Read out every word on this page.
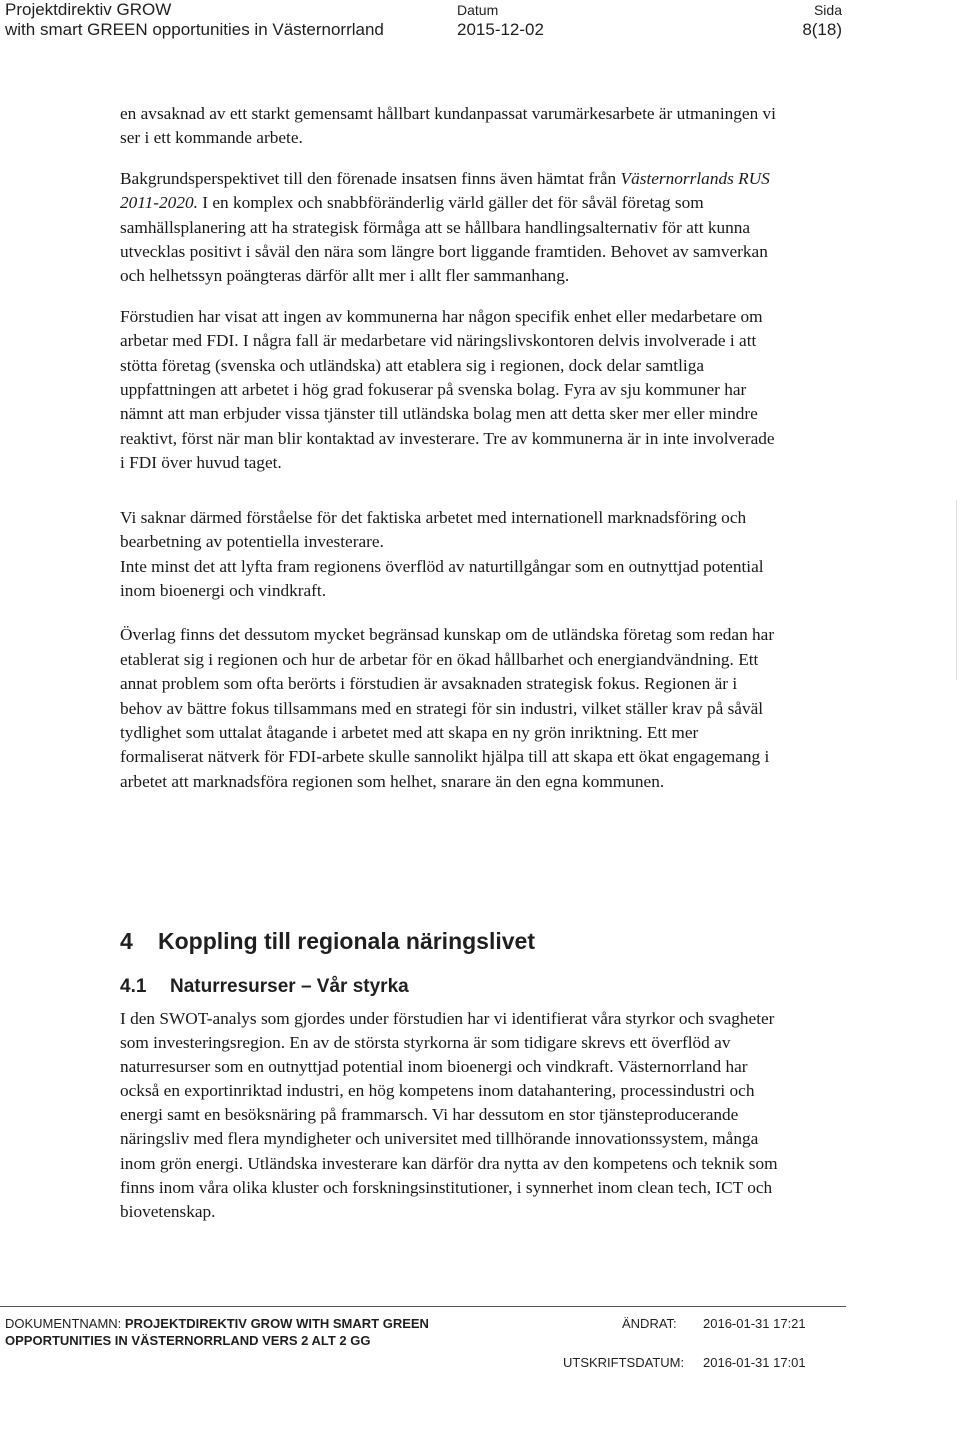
Projektdirektiv GROW
with smart GREEN opportunities in Västernorrland
Datum
2015-12-02
Sida
8(18)

en avsaknad av ett starkt gemensamt hållbart kundanpassat varumärkesarbete är utmaningen vi ser i ett kommande arbete.

Bakgrundsperspektivet till den förenade insatsen finns även hämtat från Västernorrlands RUS 2011-2020. I en komplex och snabbföränderlig värld gäller det för såväl företag som samhällsplanering att ha strategisk förmåga att se hållbara handlingsalternativ för att kunna utvecklas positivt i såväl den nära som längre bort liggande framtiden. Behovet av samverkan och helhetssyn poängteras därför allt mer i allt fler sammanhang.

Förstudien har visat att ingen av kommunerna har någon specifik enhet eller medarbetare om arbetar med FDI. I några fall är medarbetare vid näringslivskontoren delvis involverade i att stötta företag (svenska och utländska) att etablera sig i regionen, dock delar samtliga uppfattningen att arbetet i hög grad fokuserar på svenska bolag. Fyra av sju kommuner har nämnt att man erbjuder vissa tjänster till utländska bolag men att detta sker mer eller mindre reaktivt, först när man blir kontaktad av investerare. Tre av kommunerna är in inte involverade i FDI över huvud taget.

Vi saknar därmed förståelse för det faktiska arbetet med internationell marknadsföring och bearbetning av potentiella investerare.

Inte minst det att lyfta fram regionens överflöd av naturtillgångar som en outnyttjad potential inom bioenergi och vindkraft.

Överlag finns det dessutom mycket begränsad kunskap om de utländska företag som redan har etablerat sig i regionen och hur de arbetar för en ökad hållbarhet och energiandvändning. Ett annat problem som ofta berörts i förstudien är avsaknaden strategisk fokus. Regionen är i behov av bättre fokus tillsammans med en strategi för sin industri, vilket ställer krav på såväl tydlighet som uttalat åtagande i arbetet med att skapa en ny grön inriktning. Ett mer formaliserat nätverk för FDI-arbete skulle sannolikt hjälpa till att skapa ett ökat engagemang i arbetet att marknadsföra regionen som helhet, snarare än den egna kommunen.

4 Koppling till regionala näringslivet
4.1 Naturresurser – Vår styrka

I den SWOT-analys som gjordes under förstudien har vi identifierat våra styrkor och svagheter som investeringsregion. En av de största styrkorna är som tidigare skrevs ett överflöd av naturresurser som en outnyttjad potential inom bioenergi och vindkraft. Västernorrland har också en exportinriktad industri, en hög kompetens inom datahantering, processindustri och energi samt en besöksnäring på frammarsch. Vi har dessutom en stor tjänsteproducerande näringsliv med flera myndigheter och universitet med tillhörande innovationssystem, många inom grön energi. Utländska investerare kan därför dra nytta av den kompetens och teknik som finns inom våra olika kluster och forskningsinstitutioner, i synnerhet inom clean tech, ICT och biovetenskap.

DOKUMENTNAMN: PROJEKTDIREKTIV GROW WITH SMART GREEN
OPPORTUNITIES IN VÄSTERNORRLAND VERS 2 ALT 2 GG
ÄNDRAT: 2016-01-31 17:21
UTSKRIFTSDATUM: 2016-01-31 17:01
